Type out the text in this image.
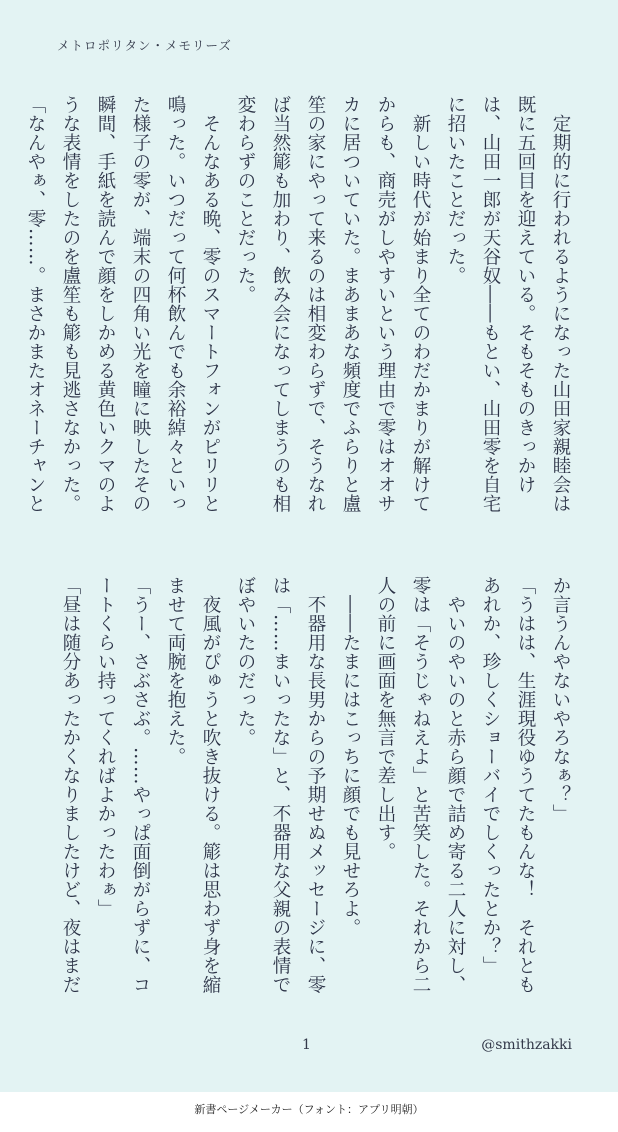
メトロポリタン・メモリーズ

定期的に行われるようになった山田家親睦会は既に五回目を迎えている。そもそものきっかけは、山田一郎が天谷奴――もとい、山田零を自宅に招いたことだった。

新しい時代が始まり全てのわだかまりが解けてからも、商売がしやすいという理由で零はオオサカに居ついていた。まあまあな頻度でふらりと盧笙の家にやって来るのは相変わらずで、そうなれば当然簓も加わり、飲み会になってしまうのも相変わらずのことだった。

そんなある晩、零のスマートフォンがピリリと鳴った。いつだって何杯飲んでも余裕綽々といった様子の零が、端末の四角い光を瞳に映したその瞬間、手紙を読んで顔をしかめる黄色いクマのような表情をしたのを盧笙も簓も見逃さなかった。

「なんやぁ、零……。まさかまたオネーチャンと

か言うんやないやろなぁ？」

「うはは、生涯現役ゆうてたもんな！　それともあれか、珍しくショーバイでしくったとか？」

やいのやいのと赤ら顔で詰め寄る二人に対し、零は「そうじゃねえよ」と苦笑した。それから二人の前に画面を無言で差し出す。

――たまにはこっちに顔でも見せろよ。

不器用な長男からの予期せぬメッセージに、零は「……まいったな」と、不器用な父親の表情でぼやいたのだった。

夜風がぴゅうと吹き抜ける。簓は思わず身を縮ませて両腕を抱えた。

「うー、さぶさぶ。……やっぱ面倒がらずに、コートくらい持ってくればよかったわぁ」

「昼は随分あったかくなりましたけど、夜はまだ

1	@smithzakki
新書ページメーカー（フォント：アプリ明朝）
